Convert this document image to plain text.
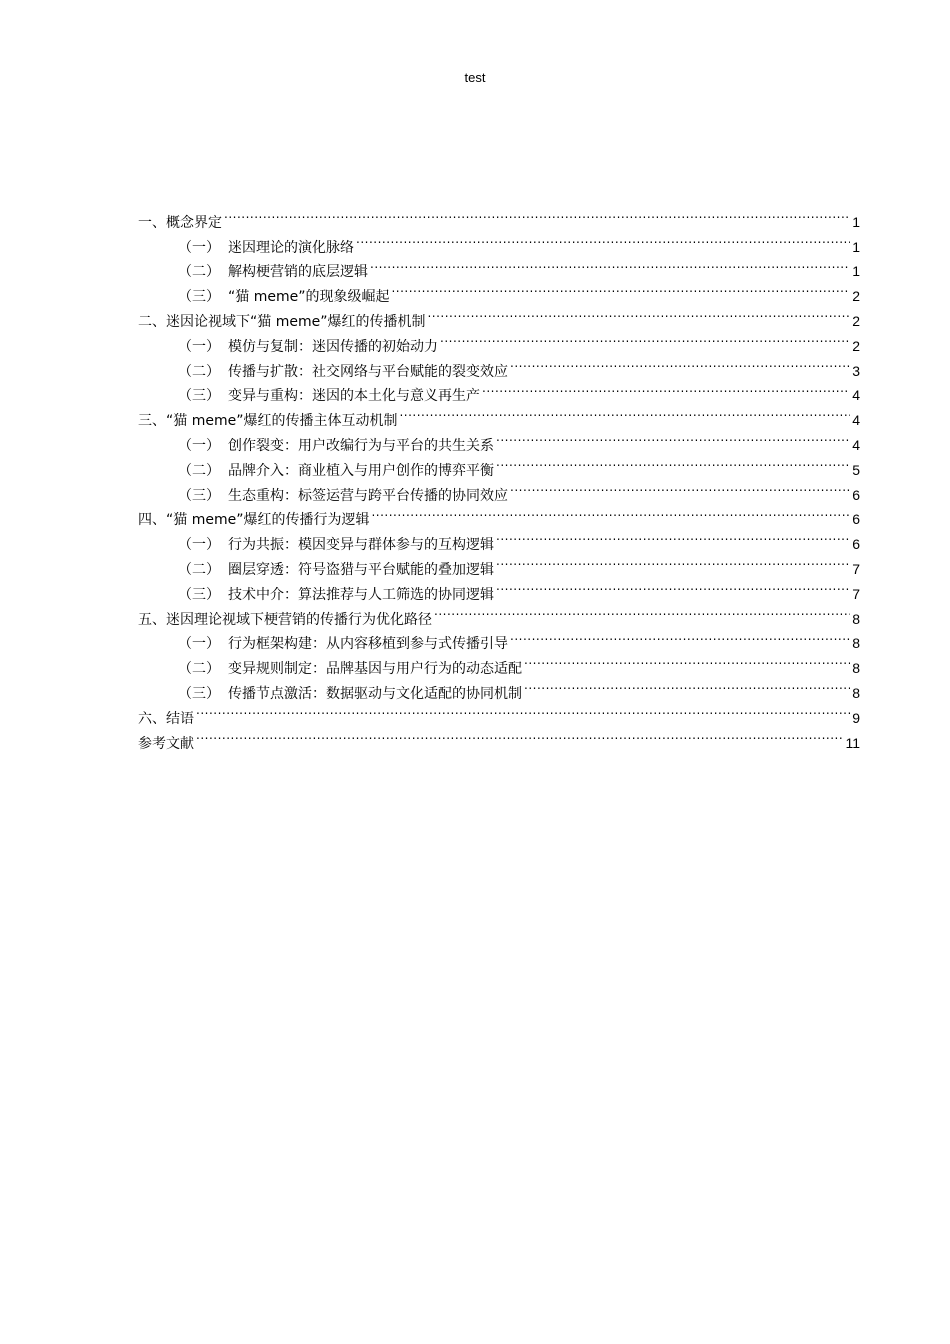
test
一、 概念界定 .....	1
（一） 迷因理论的演化脉络 .....	1
（二） 解构梗营销的底层逻辑 .....	1
（三） “猫 meme”的现象级崛起 .....	2
二、 迷因论视域下“猫 meme”爆红的传播机制 .....	2
（一） 模仿与复制：迷因传播的初始动力 .....	2
（二） 传播与扩散：社交网络与平台赋能的裂变效应 .....	3
（三） 变异与重构：迷因的本土化与意义再生产 .....	4
三、 “猫 meme”爆红的传播主体互动机制 .....	4
（一） 创作裂变：用户改编行为与平台的共生关系 .....	4
（二） 品牌介入：商业植入与用户创作的博弈平衡 .....	5
（三） 生态重构：标签运营与跨平台传播的协同效应 .....	6
四、 “猫 meme”爆红的传播行为逻辑 .....	6
（一） 行为共振：模因变异与群体参与的互构逻辑 .....	6
（二） 圈层穿透：符号盗猎与平台赋能的叠加逻辑 .....	7
（三） 技术中介：算法推荐与人工筛选的协同逻辑 .....	7
五、 迷因理论视域下梗营销的传播行为优化路径 .....	8
（一） 行为框架构建：从内容移植到参与式传播引导 .....	8
（二） 变异规则制定：品牌基因与用户行为的动态适配 .....	8
（三） 传播节点激活：数据驱动与文化适配的协同机制 .....	8
六、 结语 .....	9
参考文献 .....	11
